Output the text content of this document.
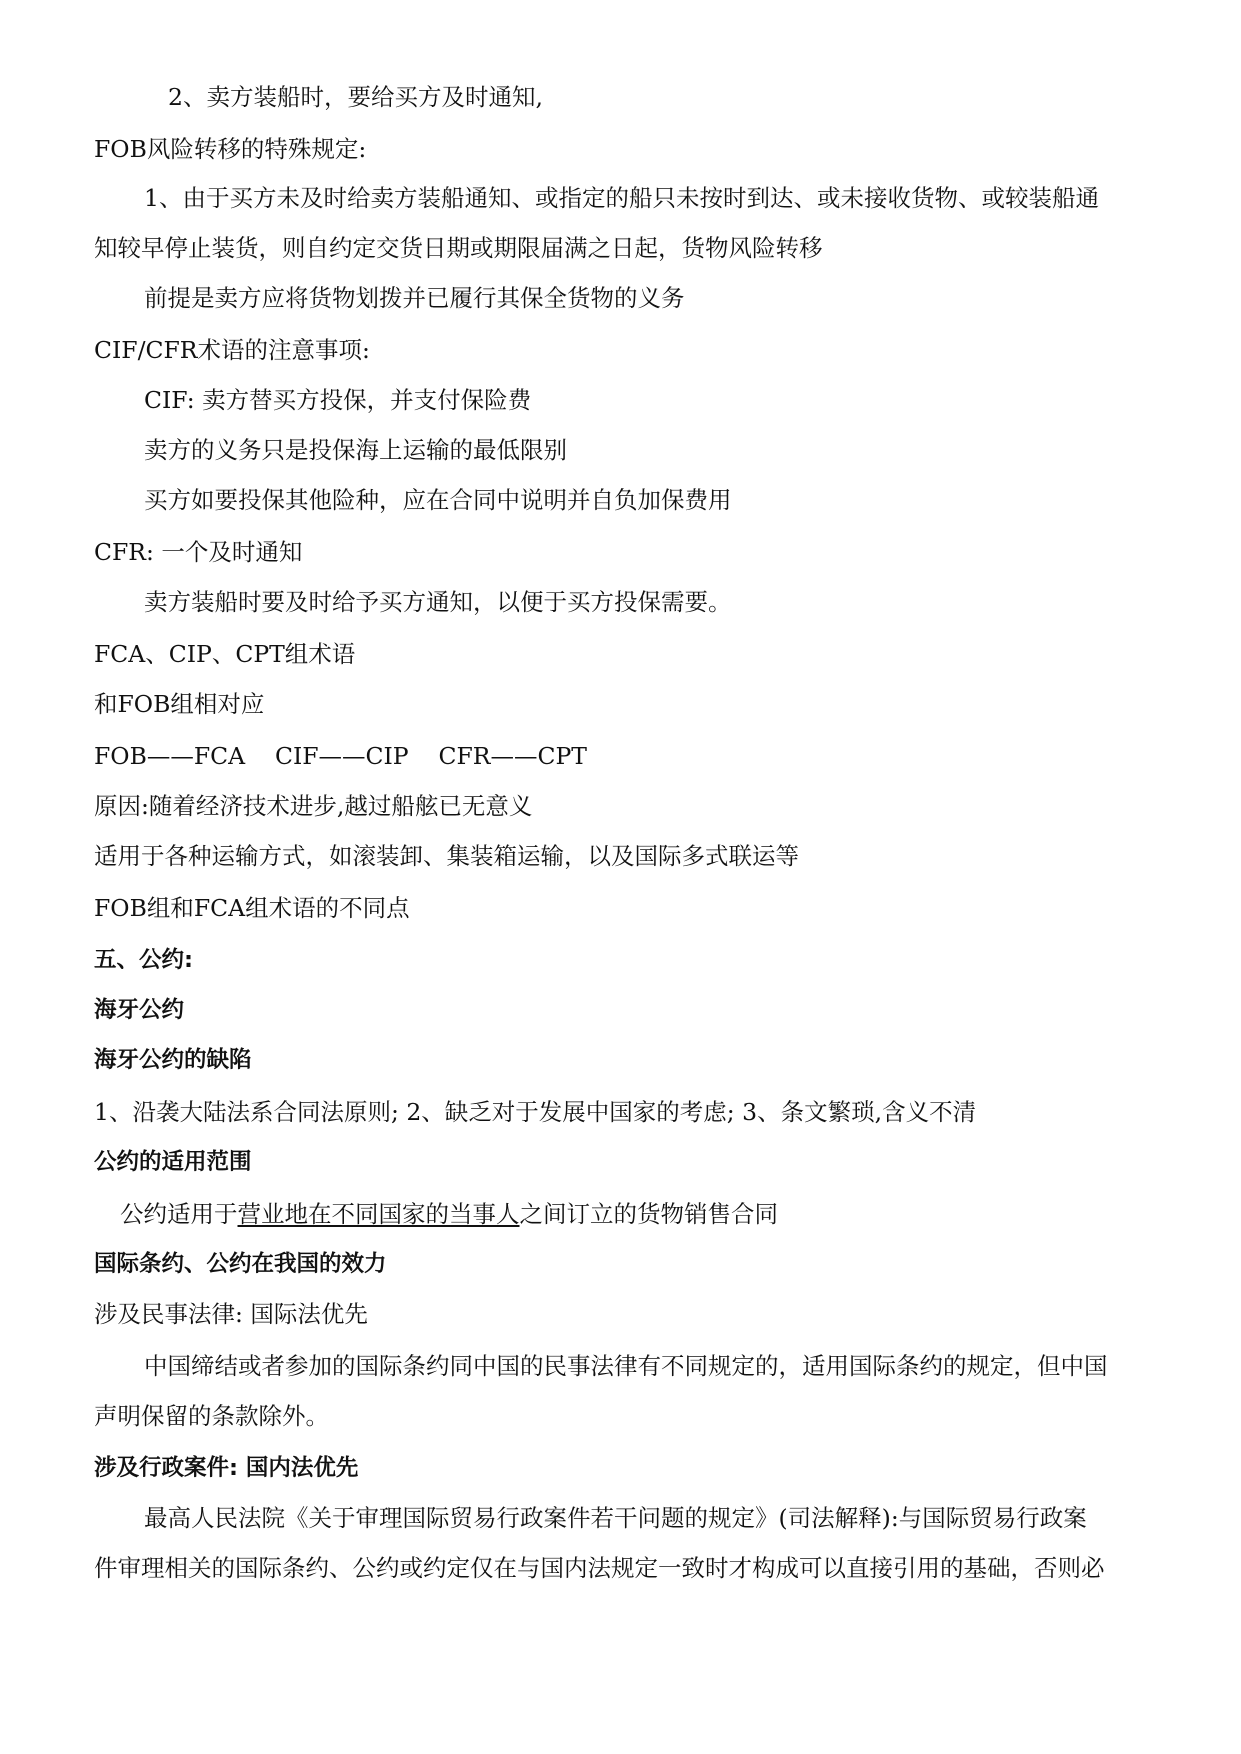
2、卖方装船时，要给买方及时通知,
FOB风险转移的特殊规定:
1、由于买方未及时给卖方装船通知、或指定的船只未按时到达、或未接收货物、或较装船通
知较早停止装货，则自约定交货日期或期限届满之日起，货物风险转移
前提是卖方应将货物划拨并已履行其保全货物的义务
CIF/CFR术语的注意事项:
CIF: 卖方替买方投保，并支付保险费
卖方的义务只是投保海上运输的最低限别
买方如要投保其他险种，应在合同中说明并自负加保费用
CFR: 一个及时通知
卖方装船时要及时给予买方通知，以便于买方投保需要。
FCA、CIP、CPT组术语
和FOB组相对应
FOB——FCA    CIF——CIP    CFR——CPT
原因:随着经济技术进步,越过船舷已无意义
适用于各种运输方式，如滚装卸、集装箱运输，以及国际多式联运等
FOB组和FCA组术语的不同点
五、公约:
海牙公约
海牙公约的缺陷
1、沿袭大陆法系合同法原则; 2、缺乏对于发展中国家的考虑; 3、条文繁琐,含义不清
公约的适用范围
公约适用于营业地在不同国家的当事人之间订立的货物销售合同
国际条约、公约在我国的效力
涉及民事法律: 国际法优先
中国缔结或者参加的国际条约同中国的民事法律有不同规定的，适用国际条约的规定，但中国
声明保留的条款除外。
涉及行政案件: 国内法优先
最高人民法院《关于审理国际贸易行政案件若干问题的规定》(司法解释):与国际贸易行政案
件审理相关的国际条约、公约或约定仅在与国内法规定一致时才构成可以直接引用的基础，否则必
